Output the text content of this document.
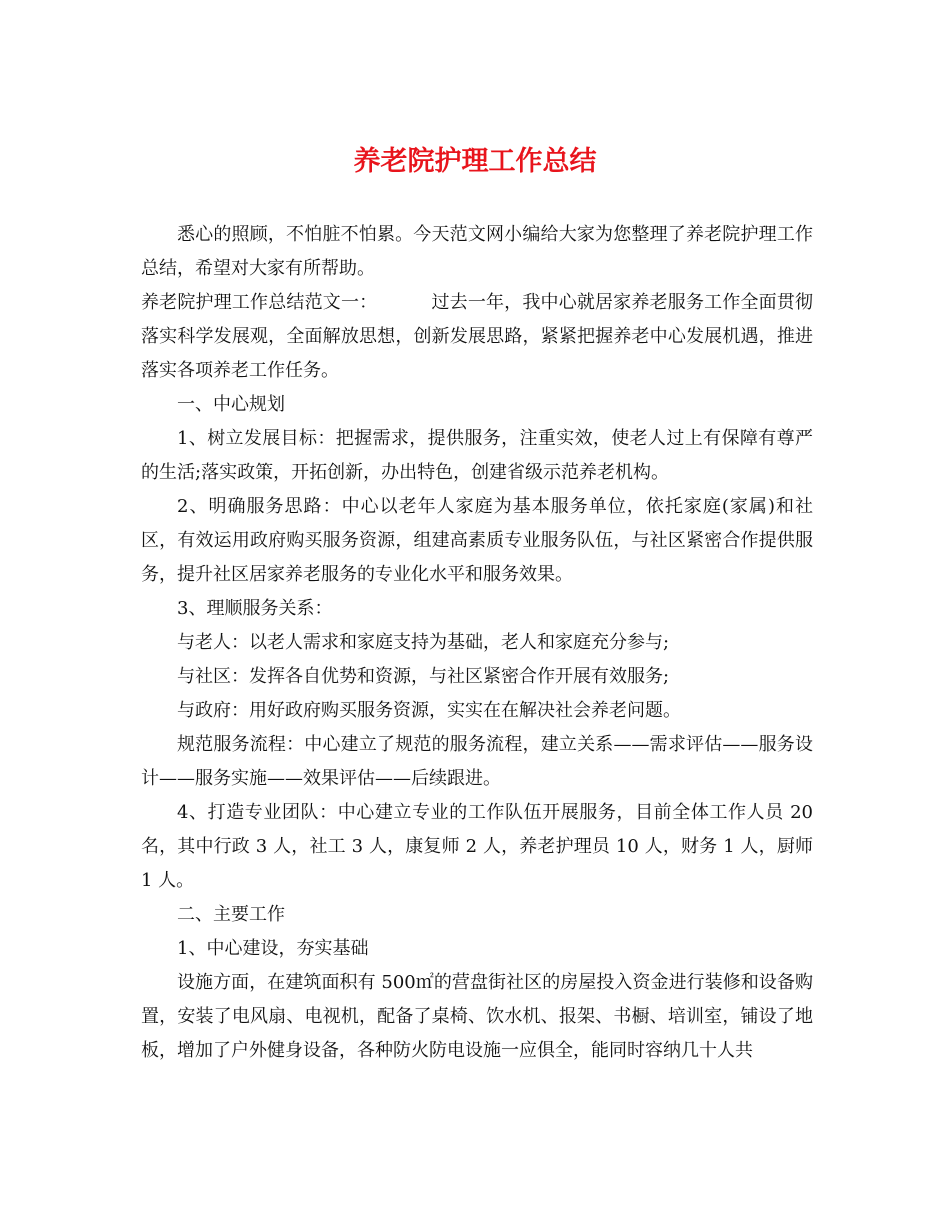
养老院护理工作总结

悉心的照顾，不怕脏不怕累。今天范文网小编给大家为您整理了养老院护理工作总结，希望对大家有所帮助。

养老院护理工作总结范文一：	过去一年，我中心就居家养老服务工作全面贯彻落实科学发展观，全面解放思想，创新发展思路，紧紧把握养老中心发展机遇，推进落实各项养老工作任务。

一、中心规划

1、树立发展目标：把握需求，提供服务，注重实效，使老人过上有保障有尊严的生活;落实政策，开拓创新，办出特色，创建省级示范养老机构。

2、明确服务思路：中心以老年人家庭为基本服务单位，依托家庭(家属)和社区，有效运用政府购买服务资源，组建高素质专业服务队伍，与社区紧密合作提供服务，提升社区居家养老服务的专业化水平和服务效果。

3、理顺服务关系：

与老人：以老人需求和家庭支持为基础，老人和家庭充分参与;

与社区：发挥各自优势和资源，与社区紧密合作开展有效服务;

与政府：用好政府购买服务资源，实实在在解决社会养老问题。

规范服务流程：中心建立了规范的服务流程，建立关系——需求评估——服务设计——服务实施——效果评估——后续跟进。

4、打造专业团队：中心建立专业的工作队伍开展服务，目前全体工作人员 20 名，其中行政 3 人，社工 3 人，康复师 2 人，养老护理员 10 人，财务 1 人，厨师 1 人。

二、主要工作

1、中心建设，夯实基础

设施方面，在建筑面积有 500㎡的营盘街社区的房屋投入资金进行装修和设备购置，安装了电风扇、电视机，配备了桌椅、饮水机、报架、书橱、培训室，铺设了地板，增加了户外健身设备，各种防火防电设施一应俱全，能同时容纳几十人共
